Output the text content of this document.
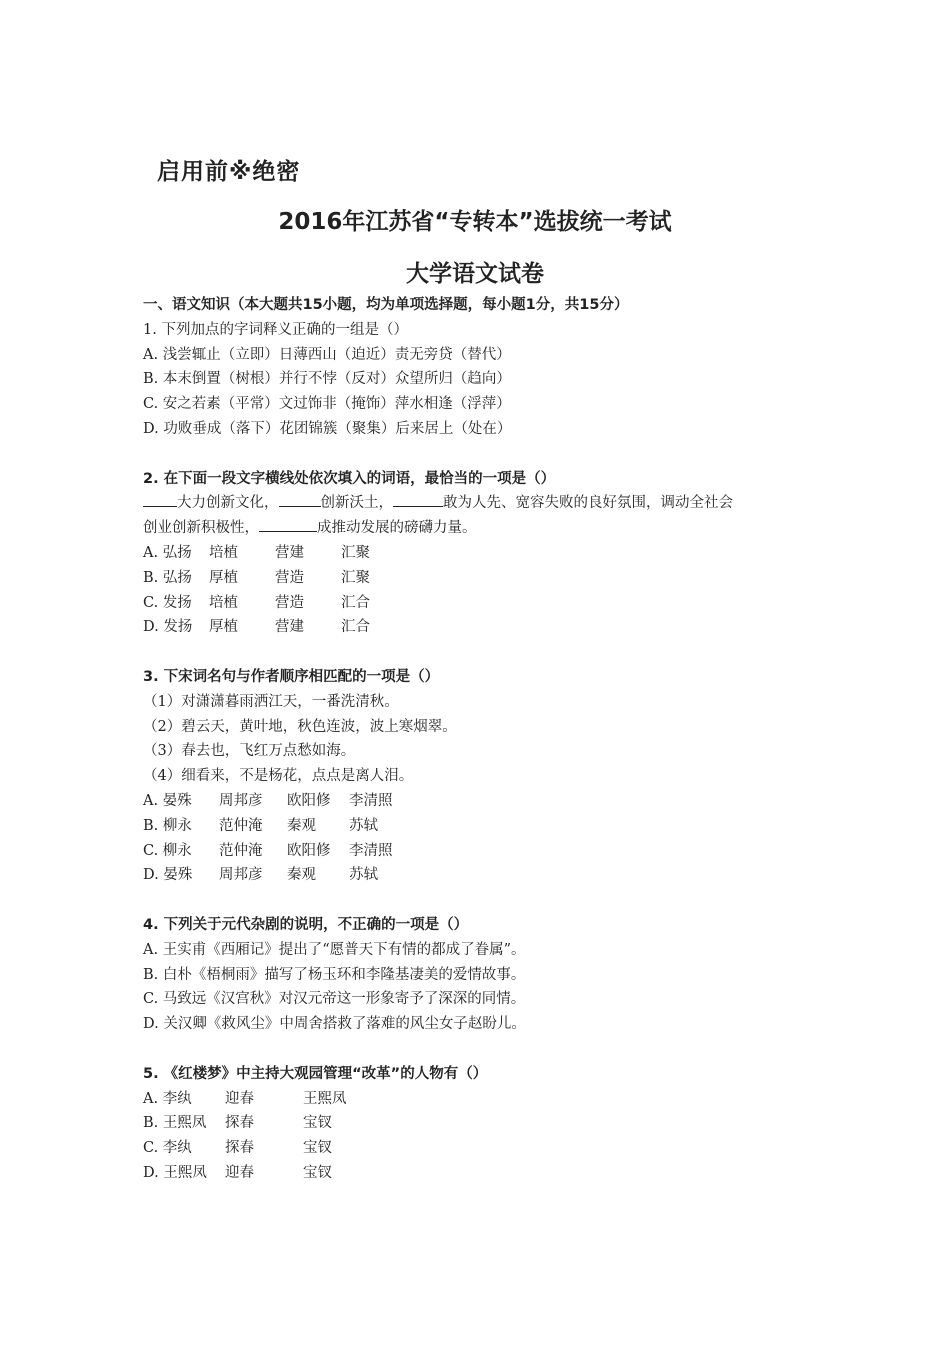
启用前※绝密
2016年江苏省“专转本”选拔统一考试
大学语文试卷
一、语文知识（本大题共15小题，均为单项选择题，每小题1分，共15分）
1. 下列加点的字词释义正确的一组是（）
A. 浅尝辄止（立即）日薄西山（迫近）责无旁贷（替代）
B. 本末倒置（树根）并行不悖（反对）众望所归（趋向）
C. 安之若素（平常）文过饰非（掩饰）萍水相逢（浮萍）
D. 功败垂成（落下）花团锦簇（聚集）后来居上（处在）
2. 在下面一段文字横线处依次填入的词语，最恰当的一项是（）
大力创新文化，	创新沃土，	敢为人先、宽容失败的良好氛围，调动全社会
创业创新积极性，	成推动发展的磅礴力量。
A. 弘扬 培植	营建	汇聚
B. 弘扬 厚植	营造	汇聚
C. 发扬 培植	营造	汇合
D. 发扬 厚植	营建	汇合
3. 下宋词名句与作者顺序相匹配的一项是（）
（1）对潇潇暮雨洒江天，一番洗清秋。
（2）碧云天，黄叶地，秋色连波，波上寒烟翠。
（3）春去也，飞红万点愁如海。
（4）细看来，不是杨花，点点是离人泪。
A. 晏殊 周邦彦 欧阳修 李清照
B. 柳永 范仲淹 秦观 苏轼
C. 柳永 范仲淹 欧阳修 李清照
D. 晏殊 周邦彦 秦观 苏轼
4. 下列关于元代杂剧的说明，不正确的一项是（）
A. 王实甫《西厢记》提出了“愿普天下有情的都成了眷属”。
B. 白朴《梧桐雨》描写了杨玉环和李隆基凄美的爱情故事。
C. 马致远《汉宫秋》对汉元帝这一形象寄予了深深的同情。
D. 关汉卿《救风尘》中周舍搭救了落难的风尘女子赵盼儿。
5. 《红楼梦》中主持大观园管理“改革”的人物有（）
A. 李纨 迎春	王熙凤
B. 王熙凤 探春	宝钗
C. 李纨 探春	宝钗
D. 王熙凤 迎春	宝钗
